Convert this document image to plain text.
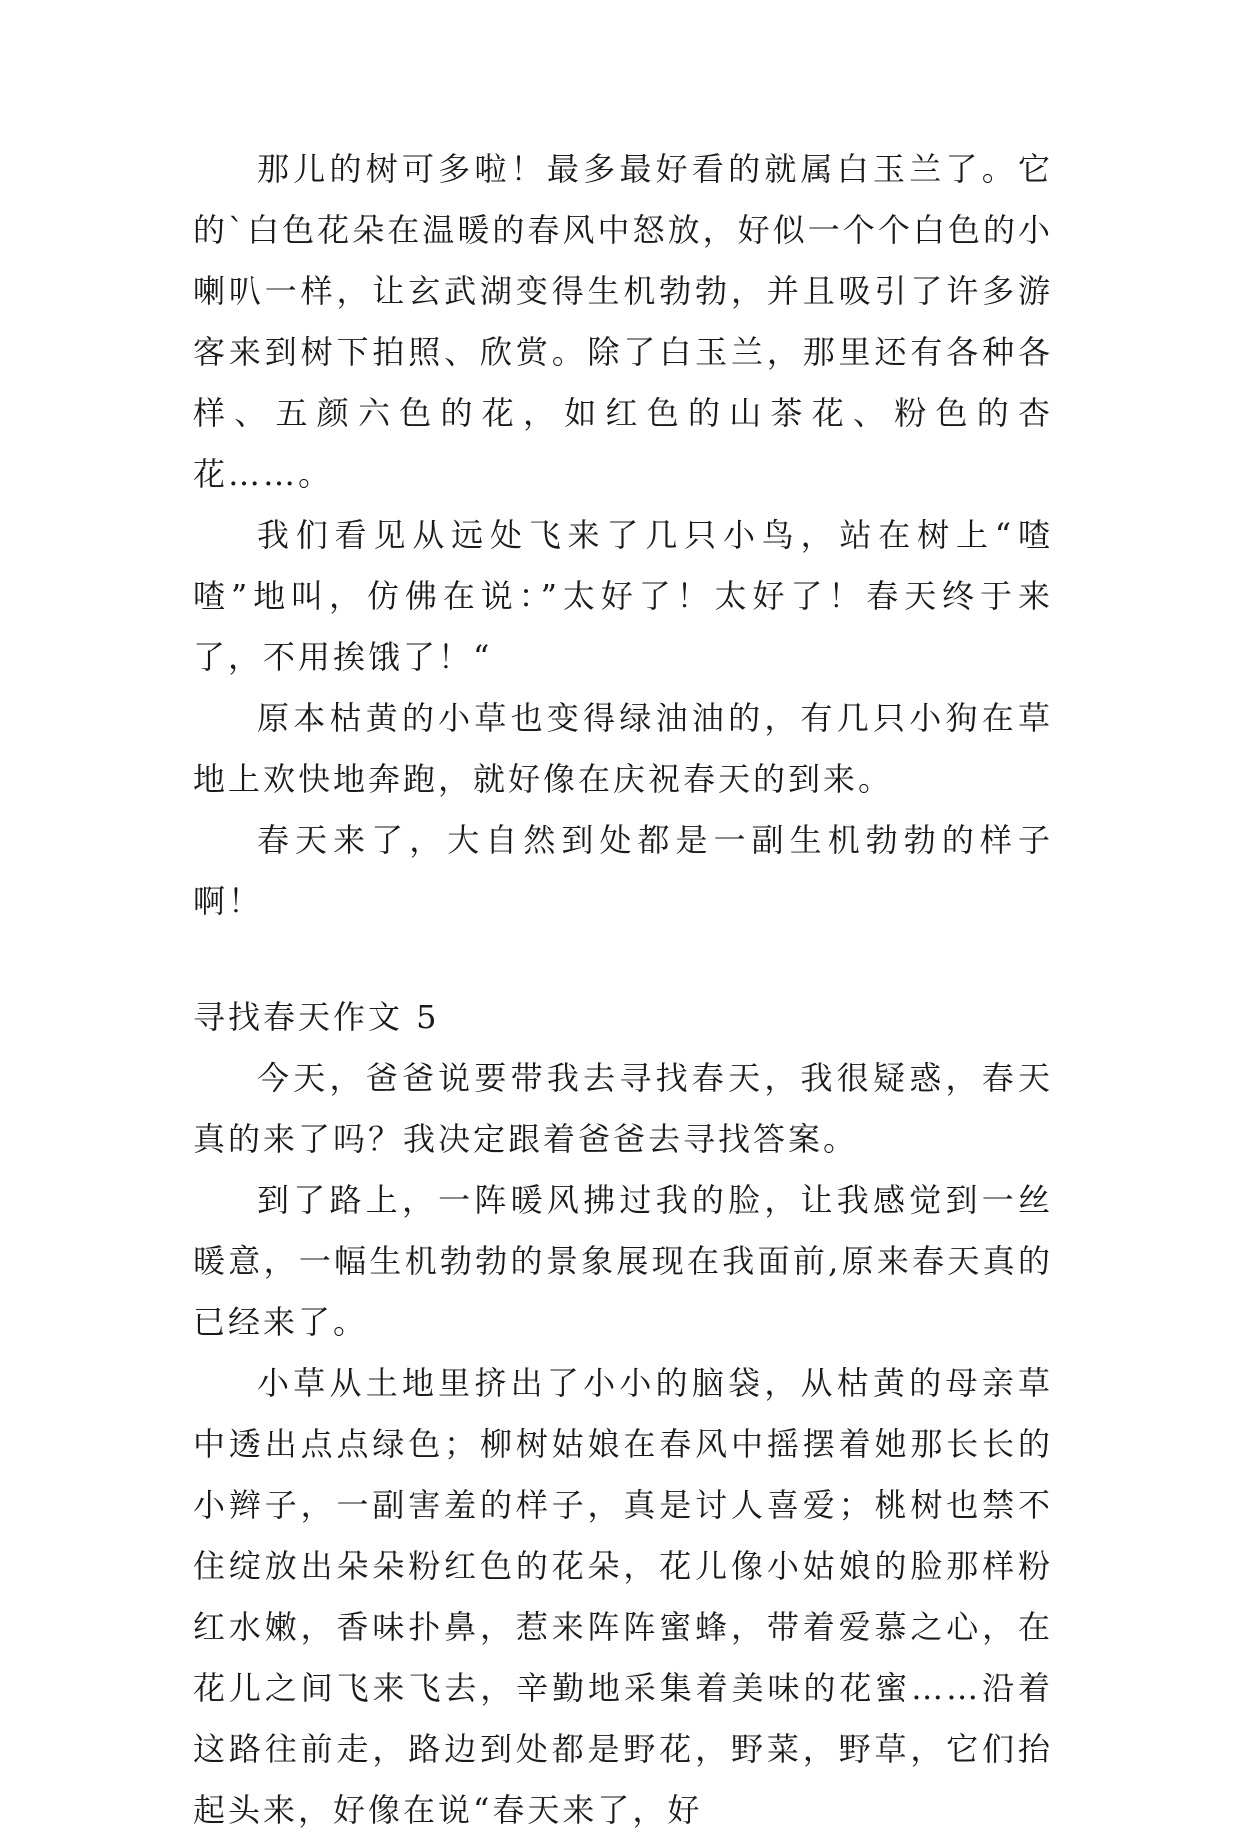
那儿的树可多啦！最多最好看的就属白玉兰了。它的`白色花朵在温暖的春风中怒放，好似一个个白色的小喇叭一样，让玄武湖变得生机勃勃，并且吸引了许多游客来到树下拍照、欣赏。除了白玉兰，那里还有各种各样、五颜六色的花，如红色的山茶花、粉色的杏花……。

我们看见从远处飞来了几只小鸟，站在树上“喳喳”地叫，仿佛在说：”太好了！太好了！春天终于来了，不用挨饿了！“

原本枯黄的小草也变得绿油油的，有几只小狗在草地上欢快地奔跑，就好像在庆祝春天的到来。

春天来了，大自然到处都是一副生机勃勃的样子啊！

寻找春天作文 5

今天，爸爸说要带我去寻找春天，我很疑惑，春天真的来了吗？我决定跟着爸爸去寻找答案。

到了路上，一阵暖风拂过我的脸，让我感觉到一丝暖意，一幅生机勃勃的景象展现在我面前,原来春天真的已经来了。

小草从土地里挤出了小小的脑袋，从枯黄的母亲草中透出点点绿色；柳树姑娘在春风中摇摆着她那长长的小辫子，一副害羞的样子，真是讨人喜爱；桃树也禁不住绽放出朵朵粉红色的花朵，花儿像小姑娘的脸那样粉红水嫩，香味扑鼻，惹来阵阵蜜蜂，带着爱慕之心，在花儿之间飞来飞去，辛勤地采集着美味的花蜜……沿着这路往前走，路边到处都是野花，野菜，野草，它们抬起头来，好像在说“春天来了，好
